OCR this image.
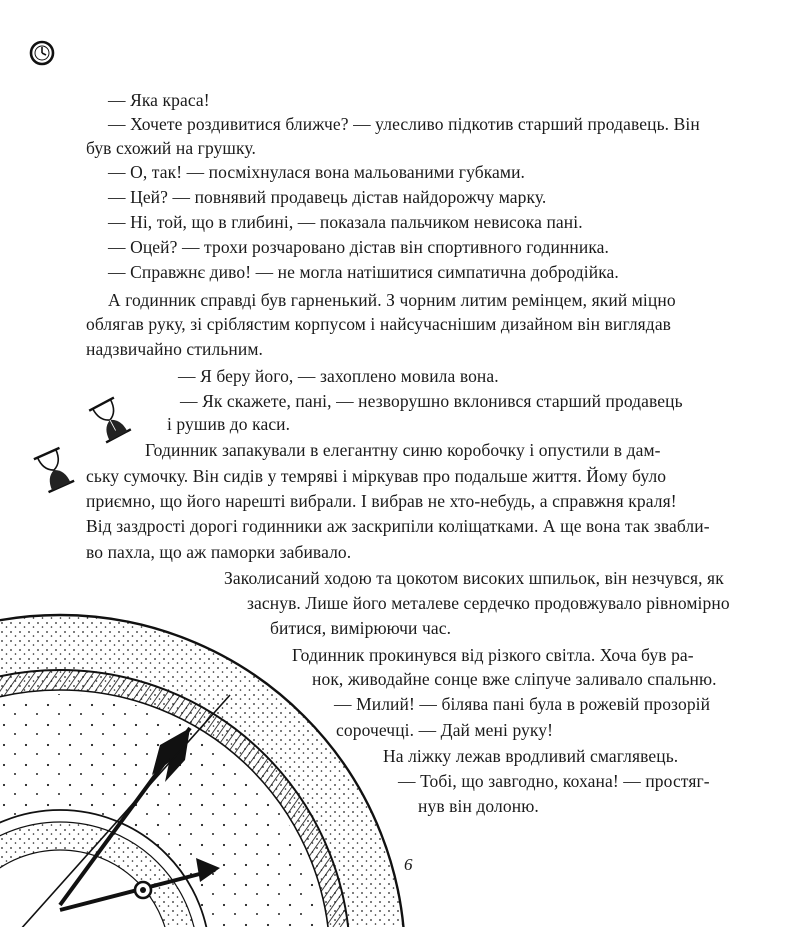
— Яка краса!
— Хочете роздивитися ближче? — улесливо підкотив старший продавець. Він
був схожий на грушку.
— О, так! — посміхнулася вона мальованими губками.
— Цей? — повнявий продавець дістав найдорожчу марку.
— Ні, той, що в глибині, — показала пальчиком невисока пані.
— Оцей? — трохи розчаровано дістав він спортивного годинника.
— Справжнє диво! — не могла натішитися симпатична добродійка.
А годинник справді був гарненький. З чорним литим ремінцем, який міцно
облягав руку, зі сріблястим корпусом і найсучаснішим дизайном він виглядав
надзвичайно стильним.
— Я беру його, — захоплено мовила вона.
— Як скажете, пані, — незворушно вклонився старший продавець
і рушив до каси.
Годинник запакували в елегантну синю коробочку і опустили в дам-
ську сумочку. Він сидів у темряві і міркував про подальше життя. Йому було
приємно, що його нарешті вибрали. І вибрав не хто-небудь, а справжня краля!
Від заздрості дорогі годинники аж заскрипіли коліщатками. А ще вона так звабли-
во пахла, що аж паморки забивало.
Заколисаний ходою та цокотом високих шпильок, він незчувся, як
заснув. Лише його металеве сердечко продовжувало рівномірно
битися, вимірюючи час.
Годинник прокинувся від різкого світла. Хоча був ра-
нок, живодайне сонце вже сліпуче заливало спальню.
— Милий! — білява пані була в рожевій прозорій
сорочечці. — Дай мені руку!
На ліжку лежав вродливий смаглявець.
— Тобі, що завгодно, кохана! — простяг-
нув він долоню.
6
